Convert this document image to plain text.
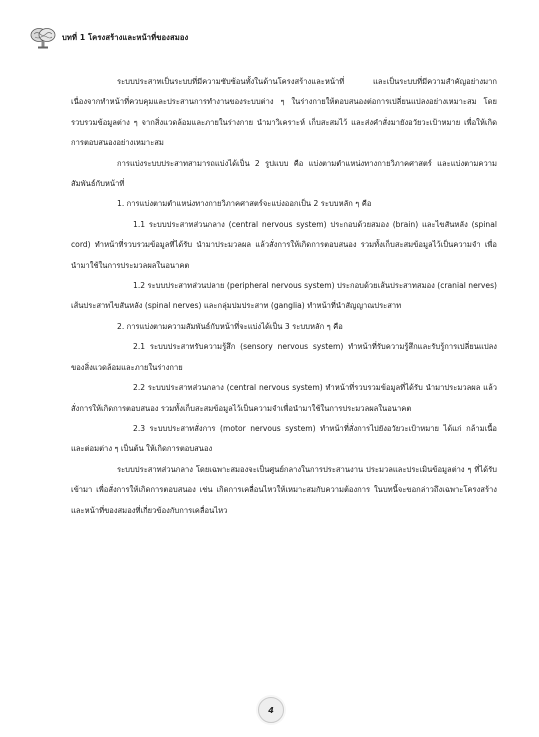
บทที่ 1 โครงสร้างและหน้าที่ของสมอง

ระบบประสาทเป็นระบบที่มีความซับซ้อนทั้งในด้านโครงสร้างและหน้าที่ และเป็นระบบที่มีความสำคัญอย่างมาก เนื่องจากทำหน้าที่ควบคุมและประสานการทำงานของระบบต่าง ๆ ในร่างกายให้ตอบสนองต่อการเปลี่ยนแปลงอย่างเหมาะสม โดยรวบรวมข้อมูลต่าง ๆ จากสิ่งแวดล้อมและภายในร่างกาย นำมาวิเคราะห์ เก็บสะสมไว้ และส่งคำสั่งมายังอวัยวะเป้าหมาย เพื่อให้เกิดการตอบสนองอย่างเหมาะสม

การแบ่งระบบประสาทสามารถแบ่งได้เป็น 2 รูปแบบ คือ แบ่งตามตำแหน่งทางกายวิภาคศาสตร์ และแบ่งตามความสัมพันธ์กับหน้าที่

1. การแบ่งตามตำแหน่งทางกายวิภาคศาสตร์จะแบ่งออกเป็น 2 ระบบหลัก ๆ คือ

1.1 ระบบประสาทส่วนกลาง (central nervous system) ประกอบด้วยสมอง (brain) และไขสันหลัง (spinal cord) ทำหน้าที่รวบรวมข้อมูลที่ได้รับ นำมาประมวลผล แล้วสั่งการให้เกิดการตอบสนอง รวมทั้งเก็บสะสมข้อมูลไว้เป็นความจำ เพื่อนำมาใช้ในการประมวลผลในอนาคต

1.2 ระบบประสาทส่วนปลาย (peripheral nervous system) ประกอบด้วยเส้นประสาทสมอง (cranial nerves) เส้นประสาทไขสันหลัง (spinal nerves) และกลุ่มปมประสาท (ganglia) ทำหน้าที่นำสัญญาณประสาท

2. การแบ่งตามความสัมพันธ์กับหน้าที่จะแบ่งได้เป็น 3 ระบบหลัก ๆ คือ

2.1 ระบบประสาทรับความรู้สึก (sensory nervous system) ทำหน้าที่รับความรู้สึกและรับรู้การเปลี่ยนแปลงของสิ่งแวดล้อมและภายในร่างกาย

2.2 ระบบประสาทส่วนกลาง (central nervous system) ทำหน้าที่รวบรวมข้อมูลที่ได้รับ นำมาประมวลผล แล้วสั่งการให้เกิดการตอบสนอง รวมทั้งเก็บสะสมข้อมูลไว้เป็นความจำเพื่อนำมาใช้ในการประมวลผลในอนาคต

2.3 ระบบประสาทสั่งการ (motor nervous system) ทำหน้าที่สั่งการไปยังอวัยวะเป้าหมาย ได้แก่ กล้ามเนื้อ และต่อมต่าง ๆ เป็นต้น ให้เกิดการตอบสนอง

ระบบประสาทส่วนกลาง โดยเฉพาะสมองจะเป็นศูนย์กลางในการประสานงาน ประมวลและประเมินข้อมูลต่าง ๆ ที่ได้รับเข้ามา เพื่อสั่งการให้เกิดการตอบสนอง เช่น เกิดการเคลื่อนไหวให้เหมาะสมกับความต้องการ ในบทนี้จะขอกล่าวถึงเฉพาะโครงสร้างและหน้าที่ของสมองที่เกี่ยวข้องกับการเคลื่อนไหว

4
